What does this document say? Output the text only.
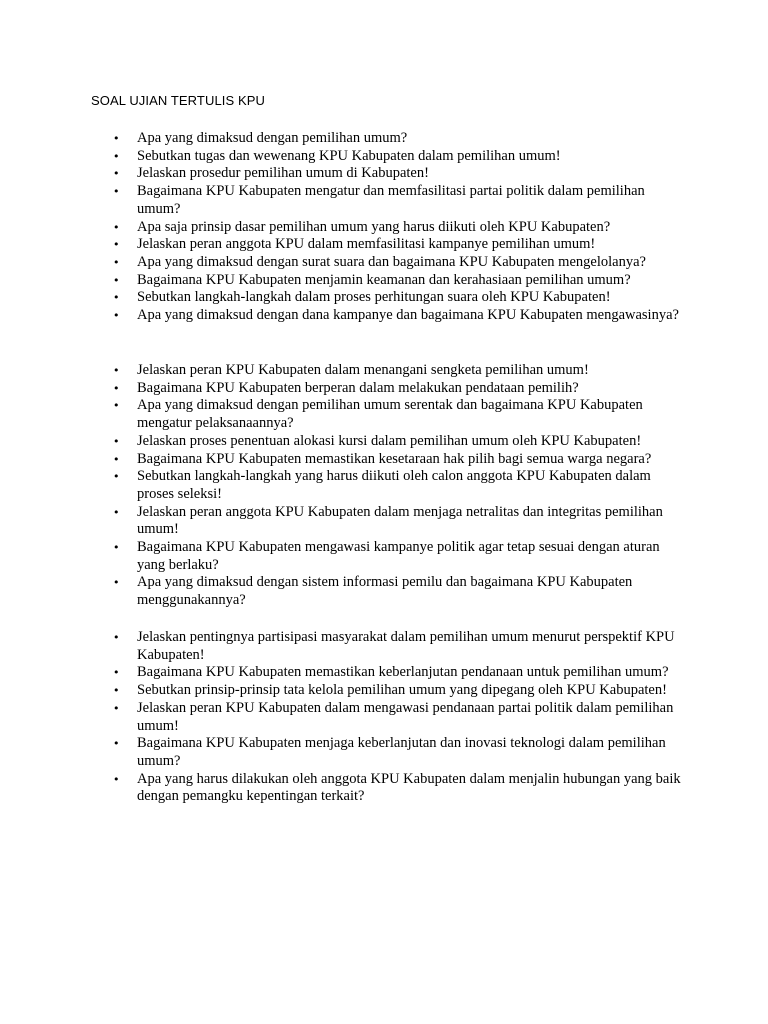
SOAL UJIAN TERTULIS KPU
• Apa yang dimaksud dengan pemilihan umum?
• Sebutkan tugas dan wewenang KPU Kabupaten dalam pemilihan umum!
• Jelaskan prosedur pemilihan umum di Kabupaten!
• Bagaimana KPU Kabupaten mengatur dan memfasilitasi partai politik dalam pemilihan umum?
• Apa saja prinsip dasar pemilihan umum yang harus diikuti oleh KPU Kabupaten?
• Jelaskan peran anggota KPU dalam memfasilitasi kampanye pemilihan umum!
• Apa yang dimaksud dengan surat suara dan bagaimana KPU Kabupaten mengelolanya?
• Bagaimana KPU Kabupaten menjamin keamanan dan kerahasiaan pemilihan umum?
• Sebutkan langkah-langkah dalam proses perhitungan suara oleh KPU Kabupaten!
• Apa yang dimaksud dengan dana kampanye dan bagaimana KPU Kabupaten mengawasinya?
• Jelaskan peran KPU Kabupaten dalam menangani sengketa pemilihan umum!
• Bagaimana KPU Kabupaten berperan dalam melakukan pendataan pemilih?
• Apa yang dimaksud dengan pemilihan umum serentak dan bagaimana KPU Kabupaten mengatur pelaksanaannya?
• Jelaskan proses penentuan alokasi kursi dalam pemilihan umum oleh KPU Kabupaten!
• Bagaimana KPU Kabupaten memastikan kesetaraan hak pilih bagi semua warga negara?
• Sebutkan langkah-langkah yang harus diikuti oleh calon anggota KPU Kabupaten dalam proses seleksi!
• Jelaskan peran anggota KPU Kabupaten dalam menjaga netralitas dan integritas pemilihan umum!
• Bagaimana KPU Kabupaten mengawasi kampanye politik agar tetap sesuai dengan aturan yang berlaku?
• Apa yang dimaksud dengan sistem informasi pemilu dan bagaimana KPU Kabupaten menggunakannya?
• Jelaskan pentingnya partisipasi masyarakat dalam pemilihan umum menurut perspektif KPU Kabupaten!
• Bagaimana KPU Kabupaten memastikan keberlanjutan pendanaan untuk pemilihan umum?
• Sebutkan prinsip-prinsip tata kelola pemilihan umum yang dipegang oleh KPU Kabupaten!
• Jelaskan peran KPU Kabupaten dalam mengawasi pendanaan partai politik dalam pemilihan umum!
• Bagaimana KPU Kabupaten menjaga keberlanjutan dan inovasi teknologi dalam pemilihan umum?
• Apa yang harus dilakukan oleh anggota KPU Kabupaten dalam menjalin hubungan yang baik dengan pemangku kepentingan terkait?
